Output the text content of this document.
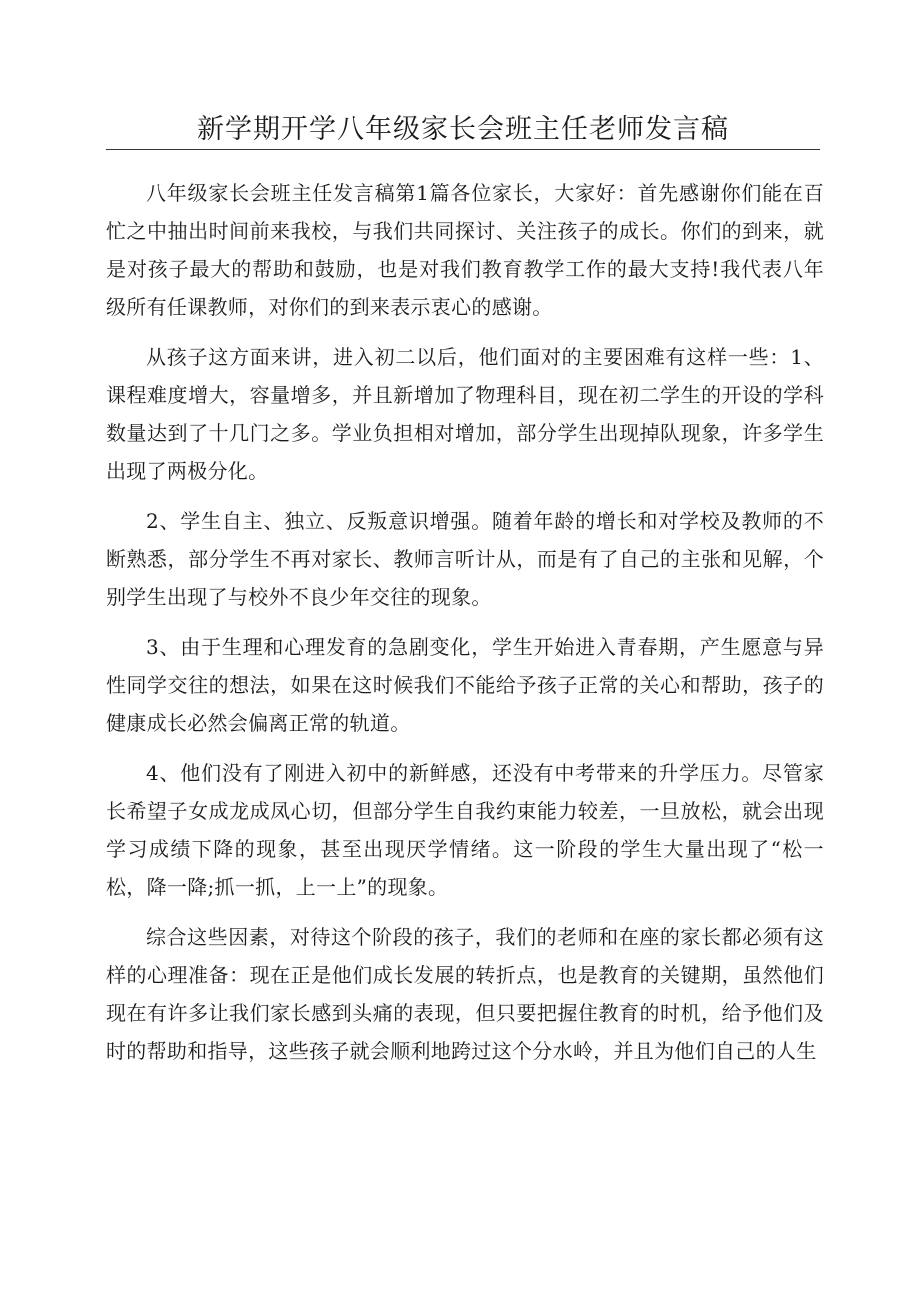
新学期开学八年级家长会班主任老师发言稿

八年级家长会班主任发言稿第1篇各位家长，大家好：首先感谢你们能在百忙之中抽出时间前来我校，与我们共同探讨、关注孩子的成长。你们的到来，就是对孩子最大的帮助和鼓励，也是对我们教育教学工作的最大支持!我代表八年级所有任课教师，对你们的到来表示衷心的感谢。

从孩子这方面来讲，进入初二以后，他们面对的主要困难有这样一些：1、课程难度增大，容量增多，并且新增加了物理科目，现在初二学生的开设的学科数量达到了十几门之多。学业负担相对增加，部分学生出现掉队现象，许多学生出现了两极分化。

2、学生自主、独立、反叛意识增强。随着年龄的增长和对学校及教师的不断熟悉，部分学生不再对家长、教师言听计从，而是有了自己的主张和见解，个别学生出现了与校外不良少年交往的现象。

3、由于生理和心理发育的急剧变化，学生开始进入青春期，产生愿意与异性同学交往的想法，如果在这时候我们不能给予孩子正常的关心和帮助，孩子的健康成长必然会偏离正常的轨道。

4、他们没有了刚进入初中的新鲜感，还没有中考带来的升学压力。尽管家长希望子女成龙成凤心切，但部分学生自我约束能力较差，一旦放松，就会出现学习成绩下降的现象，甚至出现厌学情绪。这一阶段的学生大量出现了“松一松，降一降;抓一抓，上一上”的现象。

综合这些因素，对待这个阶段的孩子，我们的老师和在座的家长都必须有这样的心理准备：现在正是他们成长发展的转折点，也是教育的关键期，虽然他们现在有许多让我们家长感到头痛的表现，但只要把握住教育的时机，给予他们及时的帮助和指导，这些孩子就会顺利地跨过这个分水岭，并且为他们自己的人生
